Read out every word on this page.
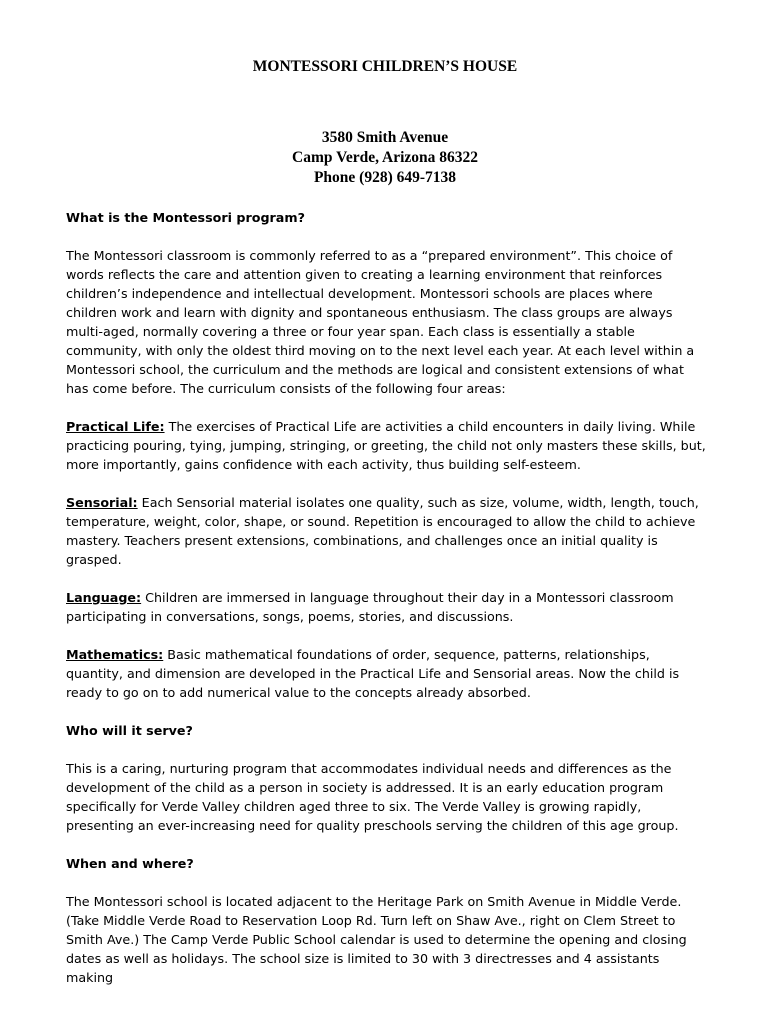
MONTESSORI CHILDREN’S HOUSE
3580 Smith Avenue
Camp Verde, Arizona 86322
Phone (928) 649-7138
What is the Montessori program?

The Montessori classroom is commonly referred to as a “prepared environment”. This choice of words reflects the care and attention given to creating a learning environment that reinforces children’s independence and intellectual development. Montessori schools are places where children work and learn with dignity and spontaneous enthusiasm. The class groups are always multi-aged, normally covering a three or four year span. Each class is essentially a stable community, with only the oldest third moving on to the next level each year. At each level within a Montessori school, the curriculum and the methods are logical and consistent extensions of what has come before. The curriculum consists of the following four areas:

Practical Life: The exercises of Practical Life are activities a child encounters in daily living. While practicing pouring, tying, jumping, stringing, or greeting, the child not only masters these skills, but, more importantly, gains confidence with each activity, thus building self-esteem.

Sensorial: Each Sensorial material isolates one quality, such as size, volume, width, length, touch, temperature, weight, color, shape, or sound. Repetition is encouraged to allow the child to achieve mastery. Teachers present extensions, combinations, and challenges once an initial quality is grasped.

Language: Children are immersed in language throughout their day in a Montessori classroom participating in conversations, songs, poems, stories, and discussions.

Mathematics: Basic mathematical foundations of order, sequence, patterns, relationships, quantity, and dimension are developed in the Practical Life and Sensorial areas. Now the child is ready to go on to add numerical value to the concepts already absorbed.

Who will it serve?

This is a caring, nurturing program that accommodates individual needs and differences as the development of the child as a person in society is addressed. It is an early education program specifically for Verde Valley children aged three to six. The Verde Valley is growing rapidly, presenting an ever-increasing need for quality preschools serving the children of this age group.

When and where?

The Montessori school is located adjacent to the Heritage Park on Smith Avenue in Middle Verde. (Take Middle Verde Road to Reservation Loop Rd. Turn left on Shaw Ave., right on Clem Street to Smith Ave.) The Camp Verde Public School calendar is used to determine the opening and closing dates as well as holidays. The school size is limited to 30 with 3 directresses and 4 assistants making
